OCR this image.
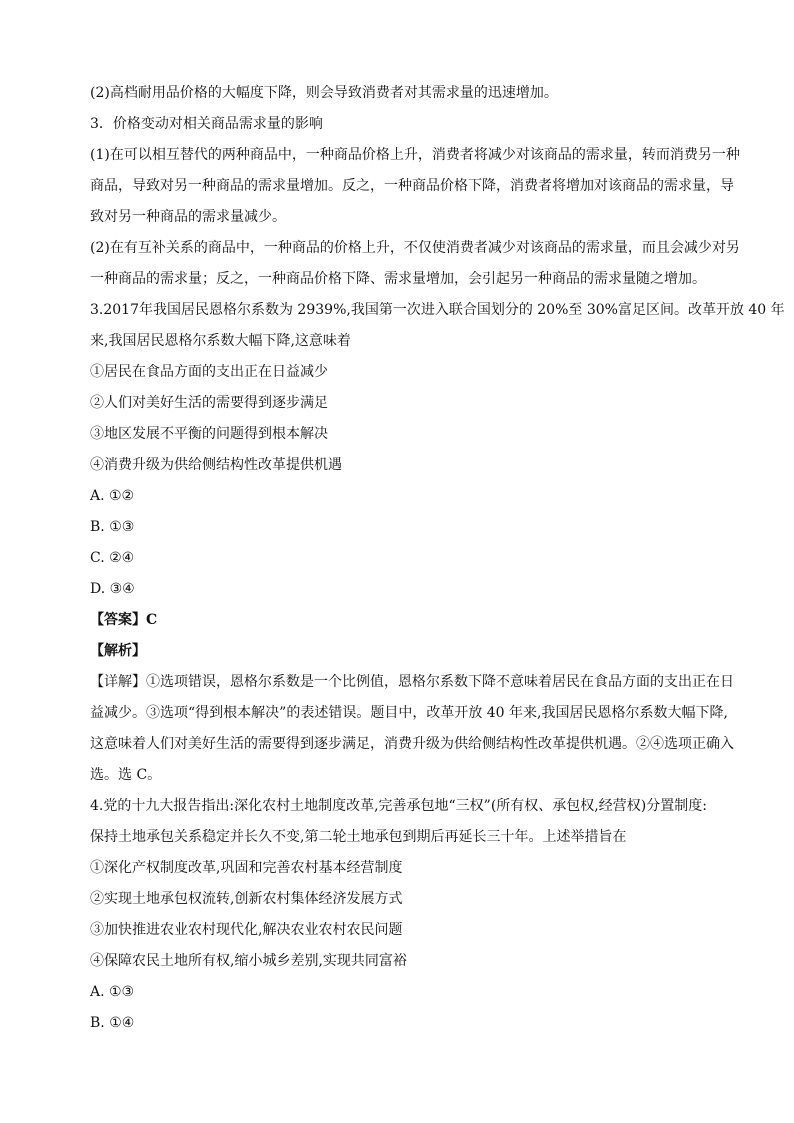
(2)高档耐用品价格的大幅度下降，则会导致消费者对其需求量的迅速增加。
3．价格变动对相关商品需求量的影响
(1)在可以相互替代的两种商品中，一种商品价格上升，消费者将减少对该商品的需求量，转而消费另一种
商品，导致对另一种商品的需求量增加。反之，一种商品价格下降，消费者将增加对该商品的需求量，导
致对另一种商品的需求量减少。
(2)在有互补关系的商品中，一种商品的价格上升，不仅使消费者减少对该商品的需求量，而且会减少对另
一种商品的需求量；反之，一种商品价格下降、需求量增加，会引起另一种商品的需求量随之增加。
3.2017年我国居民恩格尔系数为 2939%,我国第一次进入联合国划分的 20%至 30%富足区间。改革开放 40 年
来,我国居民恩格尔系数大幅下降,这意味着
①居民在食品方面的支出正在日益减少
②人们对美好生活的需要得到逐步满足
③地区发展不平衡的问题得到根本解决
④消费升级为供给侧结构性改革提供机遇
A. ①②
B. ①③
C. ②④
D. ③④
【答案】C
【解析】
【详解】①选项错误，恩格尔系数是一个比例值，恩格尔系数下降不意味着居民在食品方面的支出正在日
益减少。③选项“得到根本解决”的表述错误。题目中，改革开放 40 年来,我国居民恩格尔系数大幅下降,
这意味着人们对美好生活的需要得到逐步满足，消费升级为供给侧结构性改革提供机遇。②④选项正确入
选。选 C。
4.党的十九大报告指出:深化农村土地制度改革,完善承包地“三权”(所有权、承包权,经营权)分置制度:
保持土地承包关系稳定并长久不变,第二轮土地承包到期后再延长三十年。上述举措旨在
①深化产权制度改革,巩固和完善农村基本经营制度
②实现土地承包权流转,创新农村集体经济发展方式
③加快推进农业农村现代化,解决农业农村农民问题
④保障农民土地所有权,缩小城乡差别,实现共同富裕
A. ①③
B. ①④
